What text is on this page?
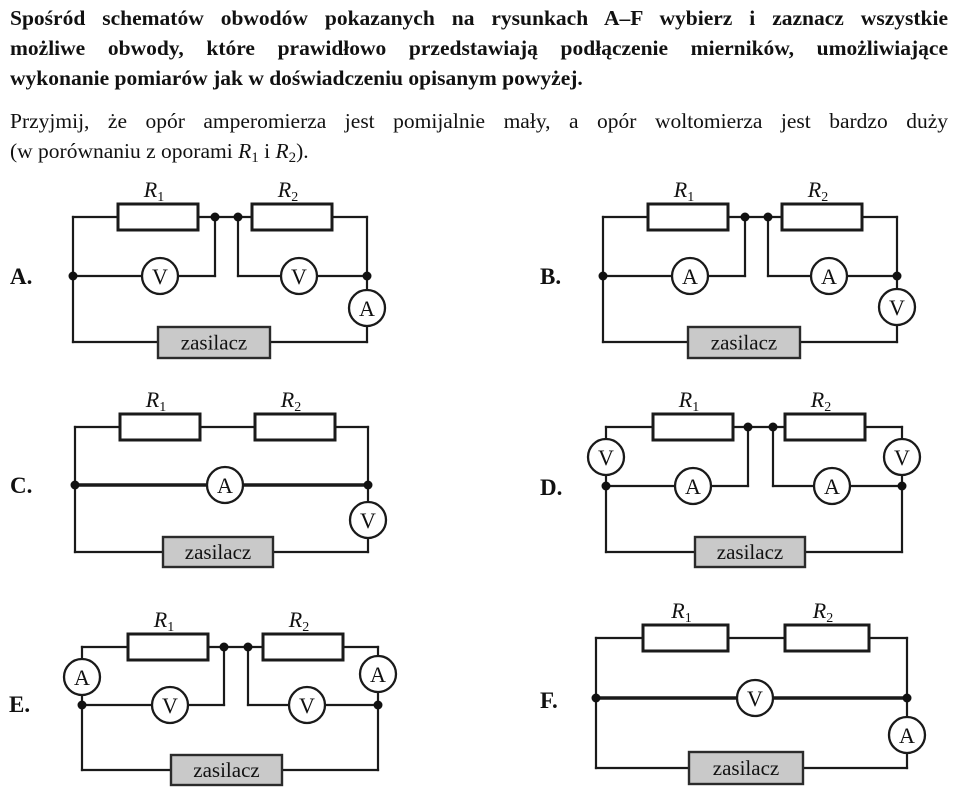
Spośród schematów obwodów pokazanych na rysunkach A–F wybierz i zaznacz wszystkie
możliwe obwody, które prawidłowo przedstawiają podłączenie mierników, umożliwiające
wykonanie pomiarów jak w doświadczeniu opisanym powyżej.
Przyjmij, że opór amperomierza jest pomijalnie mały, a opór woltomierza jest bardzo duży
(w porównaniu z oporami $R_1$ i $R_2$).
R1	R2
zasilacz
V	V
A
A.
R1	R2
zasilacz
A	A
V
B.
R1	R2
zasilacz
A
V
C.
R1	R2
zasilacz
V
A	A
V
D.
R1	R2
zasilacz
A
V	V
A
E.
R1	R2
zasilacz
V
A
F.
